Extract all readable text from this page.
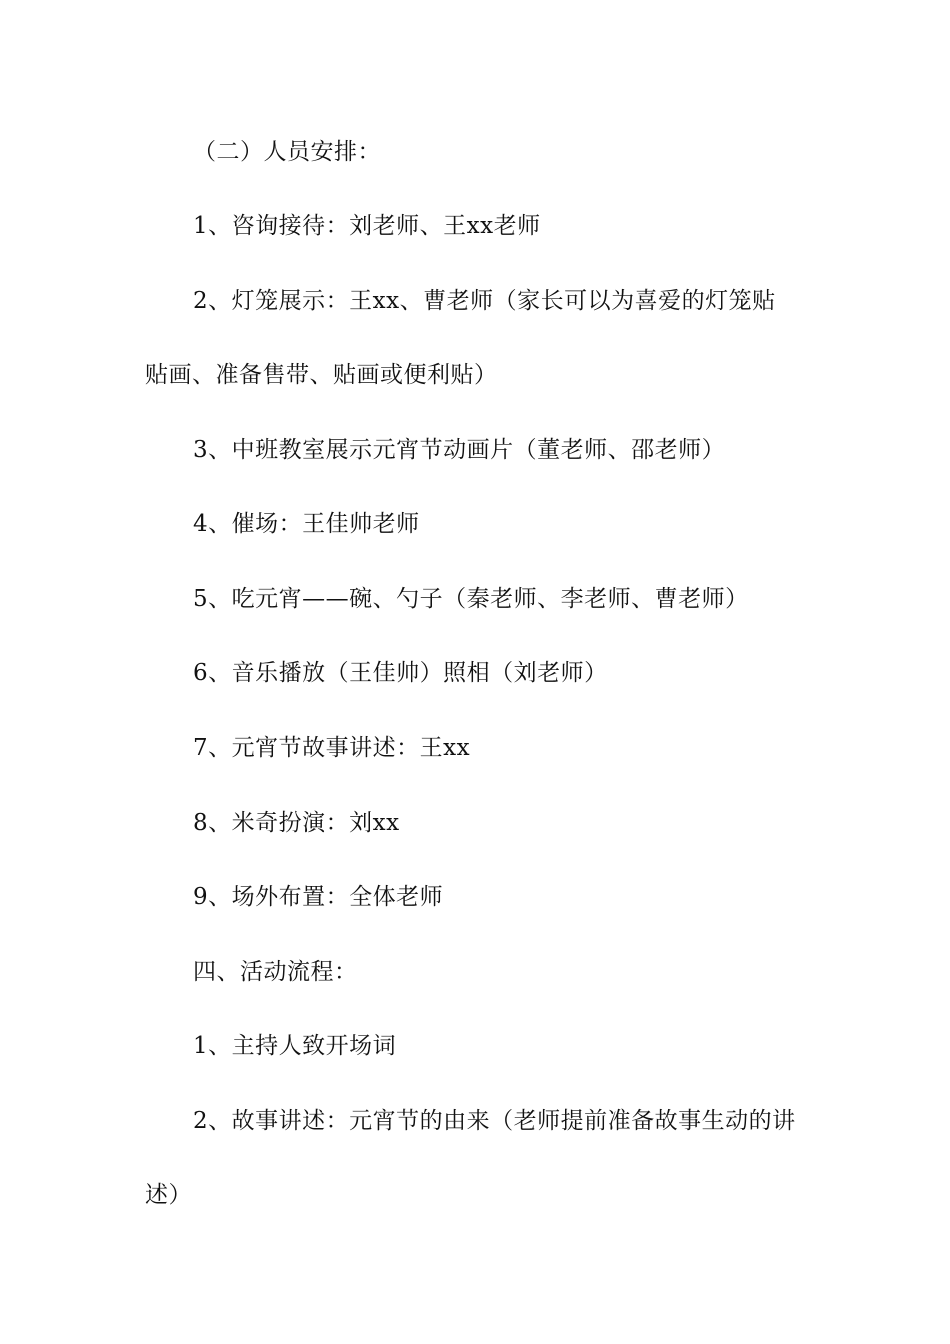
（二）人员安排：
1、咨询接待：刘老师、王xx老师
2、灯笼展示：王xx、曹老师（家长可以为喜爱的灯笼贴
贴画、准备售带、贴画或便利贴）
3、中班教室展示元宵节动画片（董老师、邵老师）
4、催场：王佳帅老师
5、吃元宵——碗、勺子（秦老师、李老师、曹老师）
6、音乐播放（王佳帅）照相（刘老师）
7、元宵节故事讲述：王xx
8、米奇扮演：刘xx
9、场外布置：全体老师
四、活动流程：
1、主持人致开场词
2、故事讲述：元宵节的由来（老师提前准备故事生动的讲
述）
